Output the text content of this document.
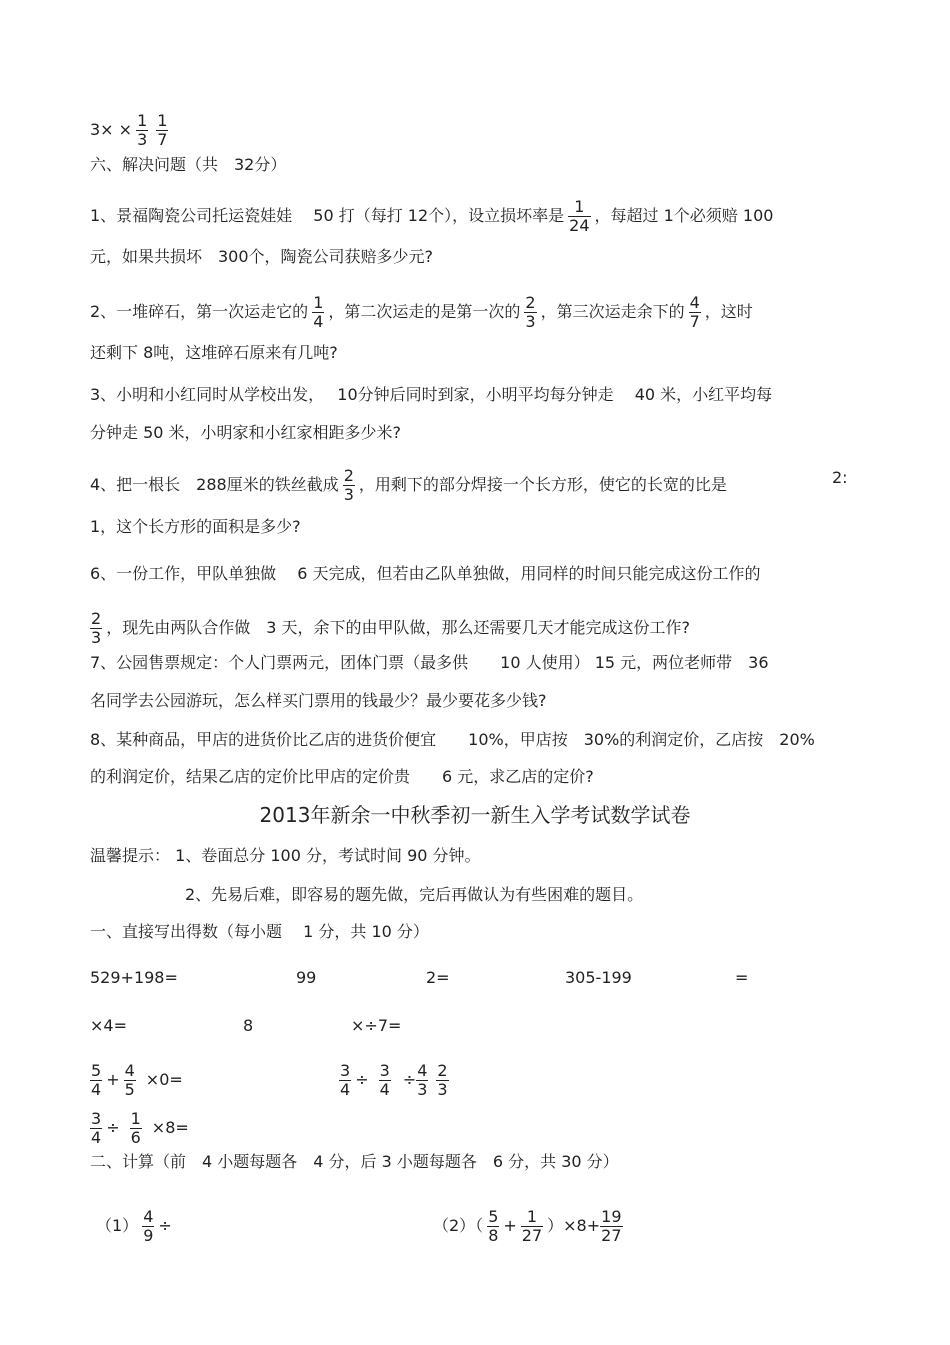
$3\times \times \frac{1}{3} \frac{1}{7}$
六、解决问题（共　32分）
1、景福陶瓷公司托运瓷娃娃　 50 打（每打 12个），设立损坏率是 $\frac{1}{24}$ ，每超过 1个必须赔 100
元，如果共损坏　300个，陶瓷公司获赔多少元?
2、一堆碎石，第一次运走它的 $\frac{1}{4}$ ，第二次运走的是第一次的 $\frac{2}{3}$ ，第三次运走余下的 $\frac{4}{7}$ ，这时
还剩下 8吨，这堆碎石原来有几吨?
3、小明和小红同时从学校出发，　 10分钟后同时到家，小明平均每分钟走　 40 米，小红平均每
分钟走 50 米，小明家和小红家相距多少米?
4、把一根长　288厘米的铁丝截成 $\frac{2}{3}$ ，用剩下的部分焊接一个长方形，使它的长宽的比是	2:
1，这个长方形的面积是多少?
6、一份工作，甲队单独做　 6 天完成，但若由乙队单独做，用同样的时间只能完成这份工作的
$\frac{2}{3}$ ，现先由两队合作做　3 天，余下的由甲队做，那么还需要几天才能完成这份工作?
7、公园售票规定：个人门票两元，团体门票（最多供　　10 人使用） 15 元，两位老师带　36
名同学去公园游玩，怎么样买门票用的钱最少？最少要花多少钱?
8、某种商品，甲店的进货价比乙店的进货价便宜　　10%，甲店按　30%的利润定价，乙店按　20%
的利润定价，结果乙店的定价比甲店的定价贵　　6 元，求乙店的定价?
2013年新余一中秋季初一新生入学考试数学试卷
温馨提示： 1、卷面总分 100 分，考试时间 90 分钟。
2、先易后难，即容易的题先做，完后再做认为有些困难的题目。
一、直接写出得数（每小题　 1 分，共 10 分）
529+198=	99	2=	305-199	=
×4=	8	×÷7=
$\frac{5}{4} + \frac{4}{5} \times 0=$	$\frac{3}{4} \div \frac{3}{4} \div \frac{4}{3} \frac{2}{3}$
$\frac{3}{4} \div \frac{1}{6} \times 8=$
二、计算（前　4 小题每题各　4 分，后 3 小题每题各　6 分，共 30 分）
$(1) \frac{4}{9}$ ÷	$(2)( \frac{5}{8} + \frac{1}{27} )\times 8+ \frac{19}{27}$
